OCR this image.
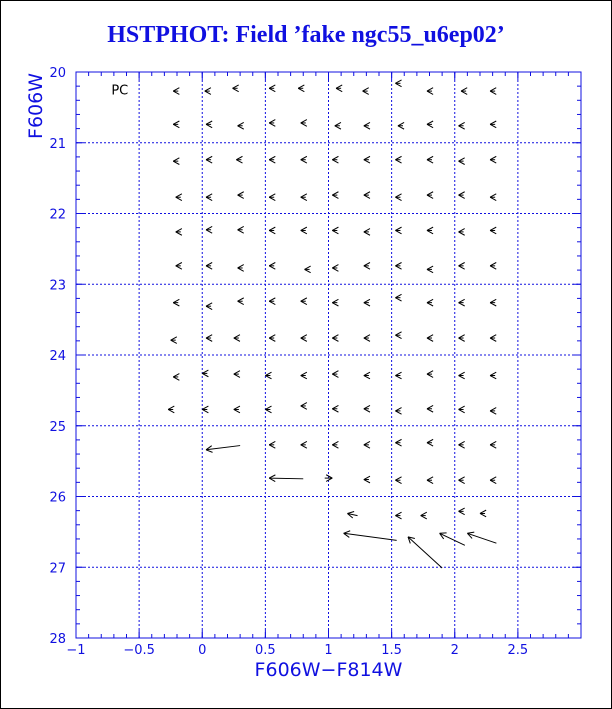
HSTPHOT: Field ’fake ngc55_u6ep02’
−1	−0.5	0	0.5	1	1.5	2	2.5
20
21
22
23
24
25
26
27
28
PC
F606W−F814W
F606W
